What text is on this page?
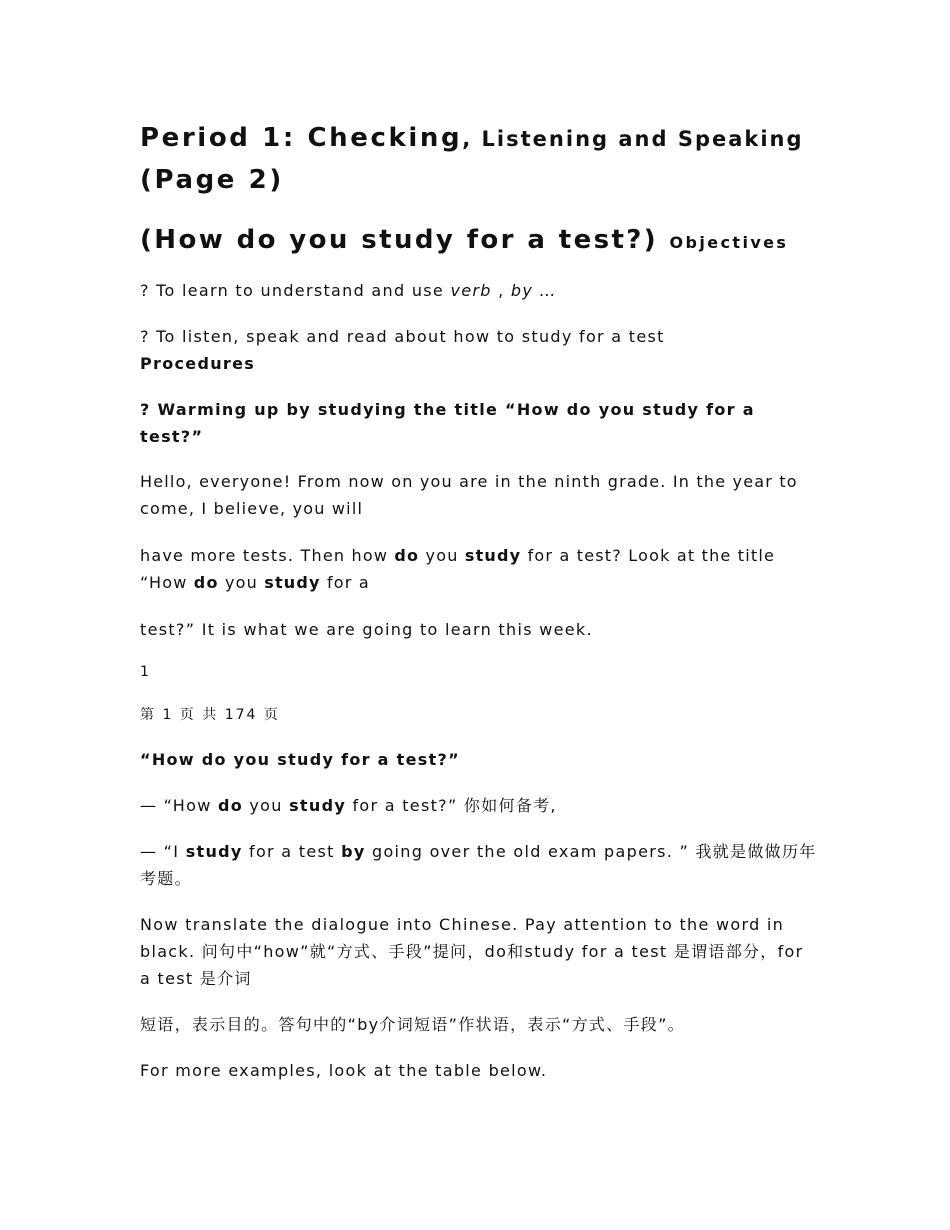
Period 1: Checking, Listening and Speaking
(Page 2)
(How do you study for a test?) Objectives
? To learn to understand and use verb , by …
? To listen, speak and read about how to study for a test
Procedures
? Warming up by studying the title “How do you study for a test?”
Hello, everyone! From now on you are in the ninth grade. In the year to come, I believe, you will
have more tests. Then how do you study for a test? Look at the title “How do you study for a
test?” It is what we are going to learn this week.
1
第 1 页 共 174 页
“How do you study for a test?”
— “How do you study for a test?” 你如何备考,
— “I study for a test by going over the old exam papers. ” 我就是做做历年考题。
Now translate the dialogue into Chinese. Pay attention to the word in black. 问句中“how”就“方式、手段”提问，do和study for a test 是谓语部分，for a test 是介词
短语，表示目的。答句中的“by介词短语”作状语，表示“方式、手段”。
For more examples, look at the table below.
